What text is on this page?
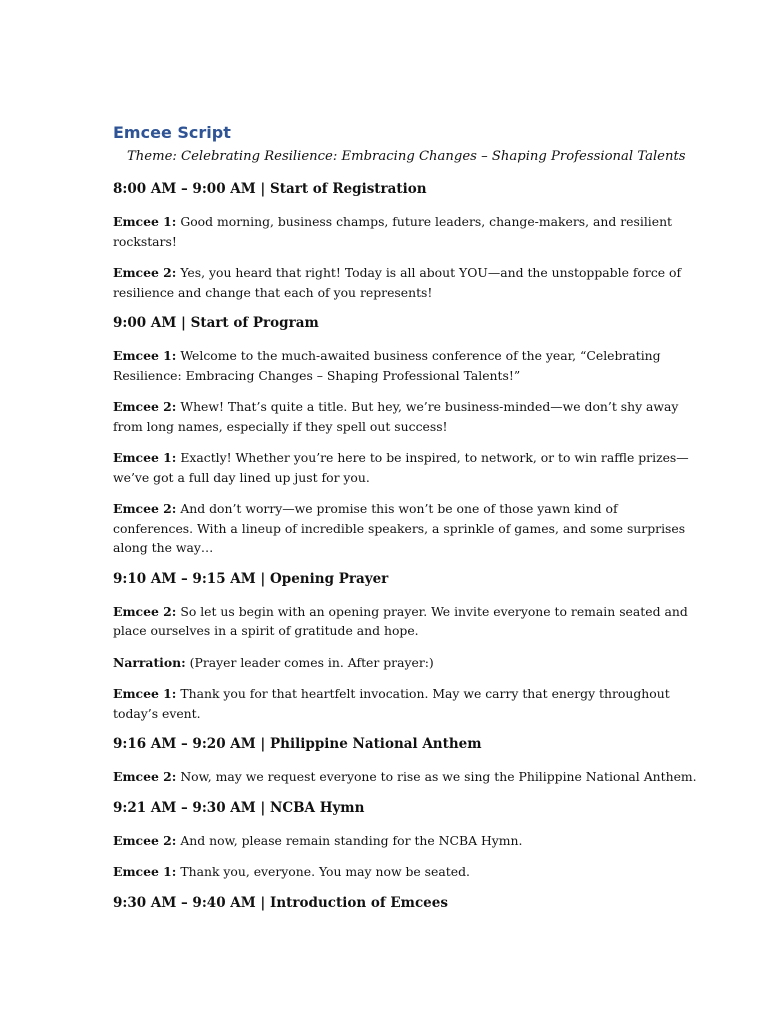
Emcee Script

Theme: Celebrating Resilience: Embracing Changes – Shaping Professional Talents

8:00 AM – 9:00 AM | Start of Registration
Emcee 1: Good morning, business champs, future leaders, change-makers, and resilient
rockstars!
Emcee 2: Yes, you heard that right! Today is all about YOU—and the unstoppable force of
resilience and change that each of you represents!
9:00 AM | Start of Program
Emcee 1: Welcome to the much-awaited business conference of the year, “Celebrating
Resilience: Embracing Changes – Shaping Professional Talents!”
Emcee 2: Whew! That’s quite a title. But hey, we’re business-minded—we don’t shy away
from long names, especially if they spell out success!
Emcee 1: Exactly! Whether you’re here to be inspired, to network, or to win raffle prizes—
we’ve got a full day lined up just for you.
Emcee 2: And don’t worry—we promise this won’t be one of those yawn kind of
conferences. With a lineup of incredible speakers, a sprinkle of games, and some surprises
along the way…
9:10 AM – 9:15 AM | Opening Prayer
Emcee 2: So let us begin with an opening prayer. We invite everyone to remain seated and
place ourselves in a spirit of gratitude and hope.
Narration: (Prayer leader comes in. After prayer:)
Emcee 1: Thank you for that heartfelt invocation. May we carry that energy throughout
today’s event.
9:16 AM – 9:20 AM | Philippine National Anthem
Emcee 2: Now, may we request everyone to rise as we sing the Philippine National Anthem.
9:21 AM – 9:30 AM | NCBA Hymn
Emcee 2: And now, please remain standing for the NCBA Hymn.
Emcee 1: Thank you, everyone. You may now be seated.
9:30 AM – 9:40 AM | Introduction of Emcees
